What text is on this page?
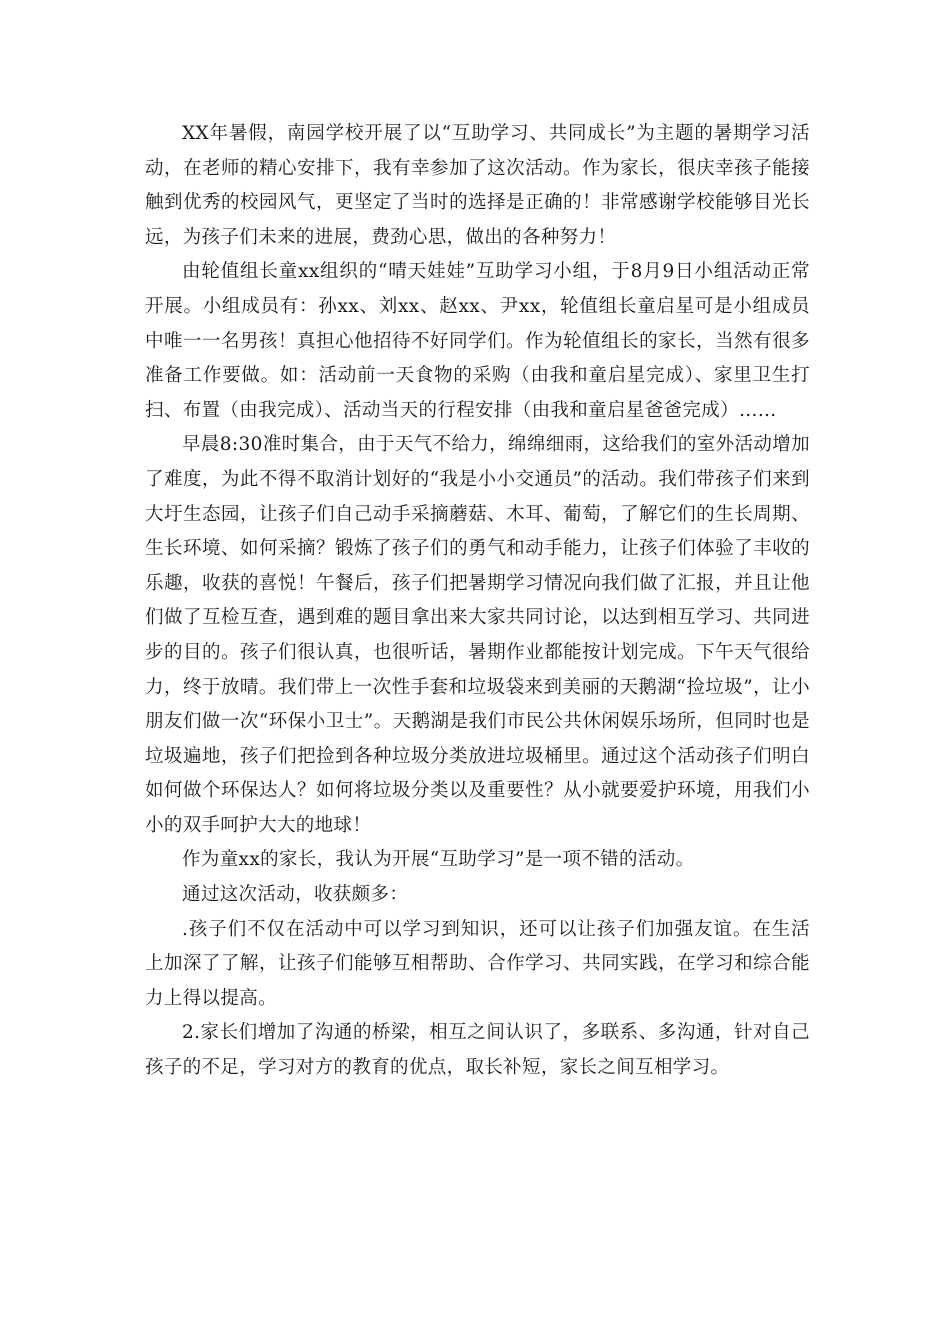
XX年暑假，南园学校开展了以“互助学习、共同成长”为主题的暑期学习活动，在老师的精心安排下，我有幸参加了这次活动。作为家长，很庆幸孩子能接触到优秀的校园风气，更坚定了当时的选择是正确的！非常感谢学校能够目光长远，为孩子们未来的进展，费劲心思，做出的各种努力！

由轮值组长童xx组织的“晴天娃娃”互助学习小组，于8月9日小组活动正常开展。小组成员有：孙xx、刘xx、赵xx、尹xx，轮值组长童启星可是小组成员中唯一一名男孩！真担心他招待不好同学们。作为轮值组长的家长，当然有很多准备工作要做。如：活动前一天食物的采购（由我和童启星完成）、家里卫生打扫、布置（由我完成）、活动当天的行程安排（由我和童启星爸爸完成）……

早晨8:30准时集合，由于天气不给力，绵绵细雨，这给我们的室外活动增加了难度，为此不得不取消计划好的“我是小小交通员”的活动。我们带孩子们来到大圩生态园，让孩子们自己动手采摘蘑菇、木耳、葡萄，了解它们的生长周期、生长环境、如何采摘？锻炼了孩子们的勇气和动手能力，让孩子们体验了丰收的乐趣，收获的喜悦！午餐后，孩子们把暑期学习情况向我们做了汇报，并且让他们做了互检互查，遇到难的题目拿出来大家共同讨论，以达到相互学习、共同进步的目的。孩子们很认真，也很听话，暑期作业都能按计划完成。下午天气很给力，终于放晴。我们带上一次性手套和垃圾袋来到美丽的天鹅湖“捡垃圾”，让小朋友们做一次“环保小卫士”。天鹅湖是我们市民公共休闲娱乐场所，但同时也是垃圾遍地，孩子们把捡到各种垃圾分类放进垃圾桶里。通过这个活动孩子们明白如何做个环保达人？如何将垃圾分类以及重要性？从小就要爱护环境，用我们小小的双手呵护大大的地球！

作为童xx的家长，我认为开展“互助学习”是一项不错的活动。

通过这次活动，收获颇多：

.孩子们不仅在活动中可以学习到知识，还可以让孩子们加强友谊。在生活上加深了了解，让孩子们能够互相帮助、合作学习、共同实践，在学习和综合能力上得以提高。

2.家长们增加了沟通的桥梁，相互之间认识了，多联系、多沟通，针对自己孩子的不足，学习对方的教育的优点，取长补短，家长之间互相学习。
